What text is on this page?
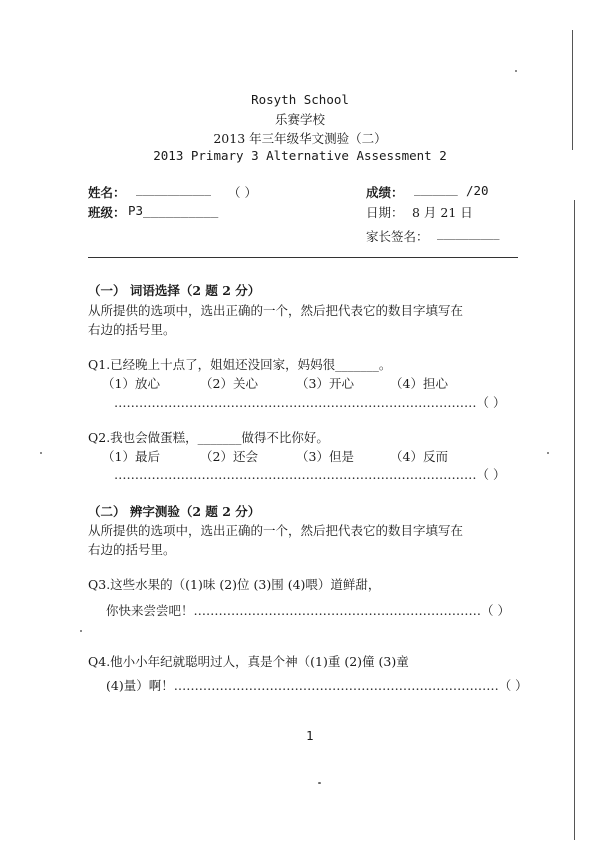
Rosyth School
乐赛学校
2013 年三年级华文测验（二）
2013 Primary 3 Alternative Assessment 2
姓名： ____________ （ ）	成绩： _______ /20
班级： P3__________	日期： 8 月 21 日
家长签名： __________
（一） 词语选择（2 题 2 分）
从所提供的选项中，选出正确的一个，然后把代表它的数目字填写在
右边的括号里。
Q1.已经晚上十点了，姐姐还没回家，妈妈很_______。
（1）放心	（2）关心	（3）开心	（4）担心
……………………………………………………………………………（ ）
Q2.我也会做蛋糕，_______做得不比你好。
（1）最后	（2）还会	（3）但是	（4）反而
……………………………………………………………………………（ ）
（二） 辨字测验（2 题 2 分）
从所提供的选项中，选出正确的一个，然后把代表它的数目字填写在
右边的括号里。
Q3.这些水果的（(1)味 (2)位 (3)围 (4)喂）道鲜甜，
你快来尝尝吧！……………………………………………………………（ ）
Q4.他小小年纪就聪明过人，真是个神（(1)重 (2)僮 (3)童
(4)量）啊！……………………………………………………………………（ ）
1
